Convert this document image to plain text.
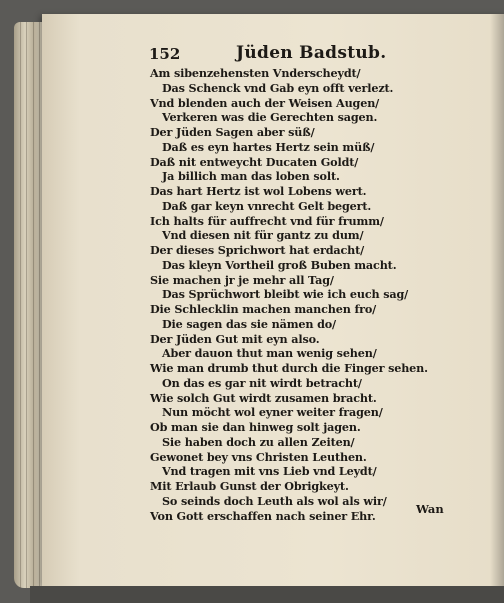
152	Jüden Badstub.
Am sibenzehensten Vnderscheydt/
Das Schenck vnd Gab eyn offt verlezt.
Vnd blenden auch der Weisen Augen/
Verkeren was die Gerechten sagen.
Der Jüden Sagen aber süß/
Daß es eyn hartes Hertz sein müß/
Daß nit entweycht Ducaten Goldt/
Ja billich man das loben solt.
Das hart Hertz ist wol Lobens wert.
Daß gar keyn vnrecht Gelt begert.
Ich halts für auffrecht vnd für frumm/
Vnd diesen nit für gantz zu dum/
Der dieses Sprichwort hat erdacht/
Das kleyn Vortheil groß Buben macht.
Sie machen jr je mehr all Tag/
Das Sprüchwort bleibt wie ich euch sag/
Die Schlecklin machen manchen fro/
Die sagen das sie nämen do/
Der Jüden Gut mit eyn also.
Aber dauon thut man wenig sehen/
Wie man drumb thut durch die Finger sehen.
On das es gar nit wirdt betracht/
Wie solch Gut wirdt zusamen bracht.
Nun möcht wol eyner weiter fragen/
Ob man sie dan hinweg solt jagen.
Sie haben doch zu allen Zeiten/
Gewonet bey vns Christen Leuthen.
Vnd tragen mit vns Lieb vnd Leydt/
Mit Erlaub Gunst der Obrigkeyt.
So seinds doch Leuth als wol als wir/
Von Gott erschaffen nach seiner Ehr.	Wan
